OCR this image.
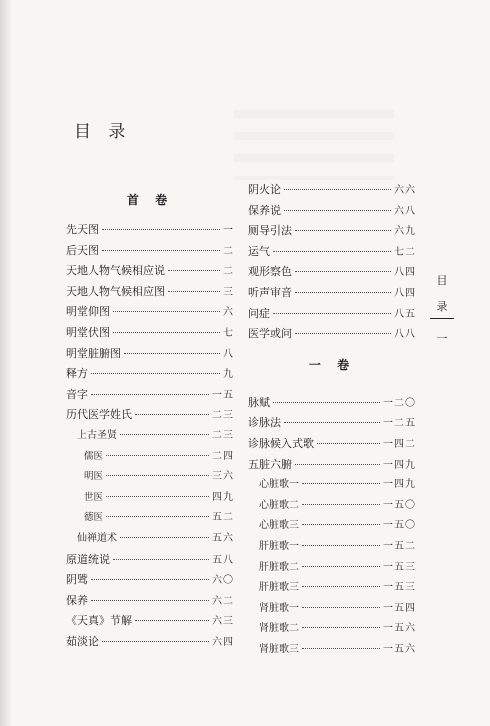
目 录
首 卷
先天图	一
后天图	二
天地人物气候相应说	二
天地人物气候相应图	三
明堂仰图	六
明堂伏图	七
明堂脏腑图	八
释方	九
音字	一五
历代医学姓氏	二三
上古圣贤	二三
儒医	二四
明医	三六
世医	四九
德医	五二
仙禅道术	五六
原道统说	五八
阴骘	六〇
保养	六二
《天真》节解	六三
茹淡论	六四
阴火论	六六
保养说	六八
厕导引法	六九
运气	七二
观形察色	八四
听声审音	八四
问症	八五
医学或问	八八
一 卷
脉赋	一二〇
诊脉法	一二五
诊脉候入式歌	一四二
五脏六腑	一四九
心脏歌一	一四九
心脏歌二	一五〇
心脏歌三	一五〇
肝脏歌一	一五二
肝脏歌二	一五三
肝脏歌三	一五三
肾脏歌一	一五四
肾脏歌二	一五六
肾脏歌三	一五六
目
录
一
